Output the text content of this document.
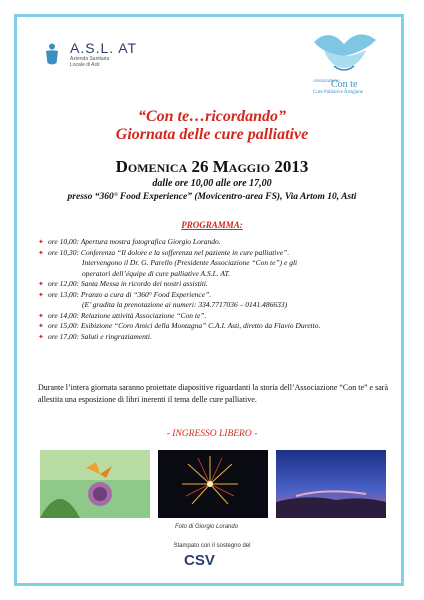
A.S.L. AT
Azienda Sanitaria Locale di Asti
Associazione
Con te
Cure Palliative Astigiane
“Con te…ricordando”
Giornata delle cure palliative
Domenica 26 Maggio 2013
dalle ore 10,00 alle ore 17,00
presso “360° Food Experience” (Movicentro-area FS), Via Artom 10, Asti
PROGRAMMA:
✦ ore 10,00: Apertura mostra fotografica Giorgio Lorando.
✦ ore 10,30: Conferenza “Il dolore e la sofferenza nel paziente in cure palliative”.
Intervengono il Dr. G. Parello (Presidente Associazione “Con te”) e gli
operatori dell’équipe di cure palliative A.S.L. AT.
✦ ore 12,00: Santa Messa in ricordo dei nostri assistiti.
✦ ore 13,00: Pranzo a cura di “360° Food Experience”.
(E’ gradita la prenotazione ai numeri: 334.7717036 – 0141.486633)
✦ ore 14,00: Relazione attività Associazione “Con te”.
✦ ore 15,00: Esibizione “Coro Amici della Montagna” C.A.I. Asti, diretto da Flavio Duretto.
✦ ore 17,00: Saluti e ringraziamenti.
Durante l’intera giornata saranno proiettate diapositive riguardanti la storia dell’Associazione “Con te” e sarà allestita una esposizione di libri inerenti il tema delle cure palliative.
- INGRESSO LIBERO -
Foto di Giorgio Lorando
Stampato con il sostegno del
CSV
